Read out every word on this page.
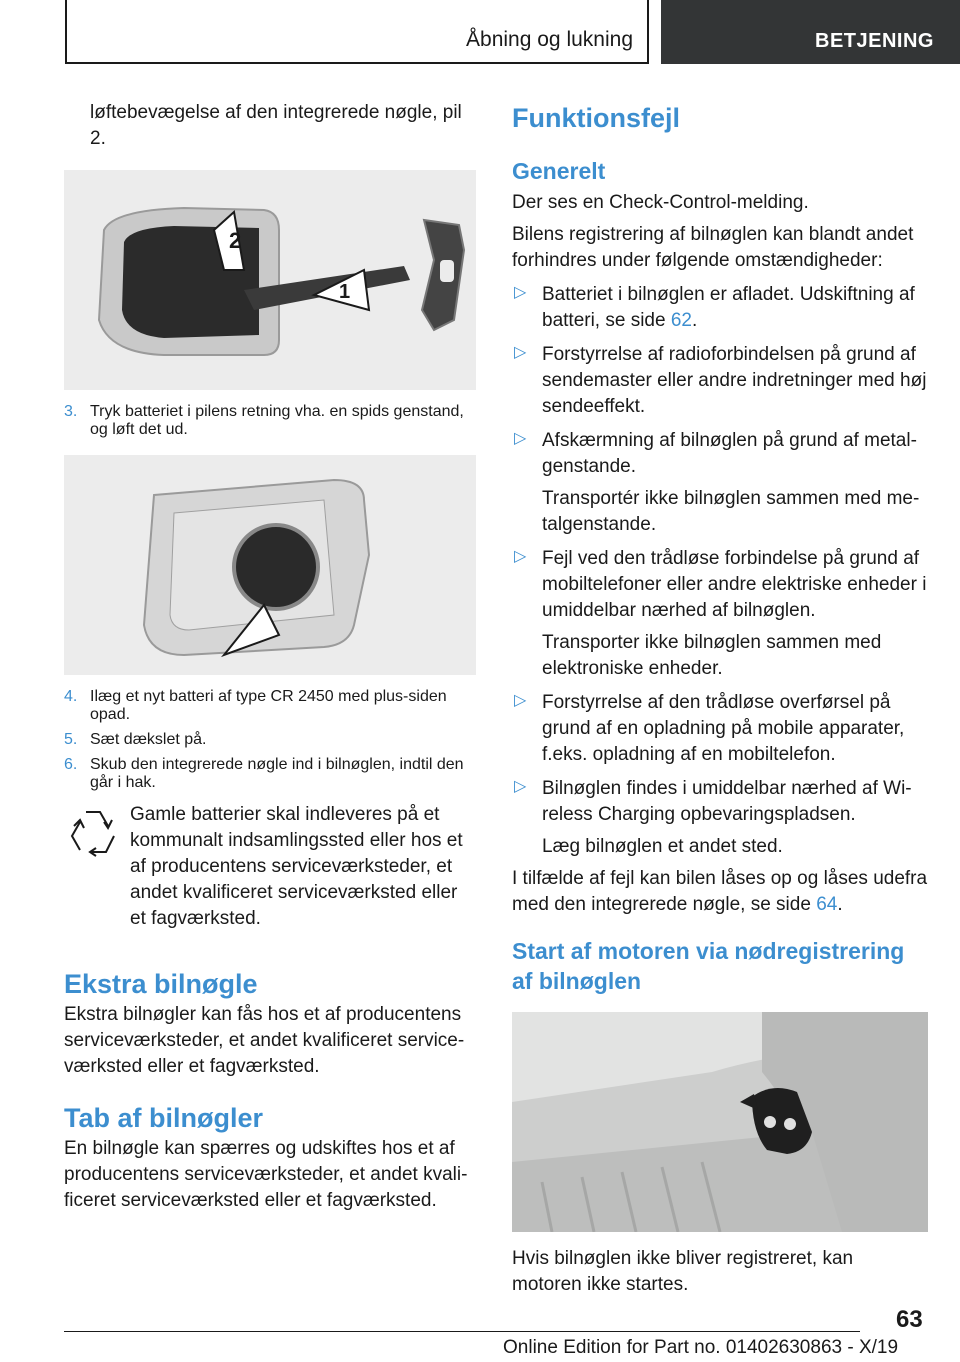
Åbning og lukning	BETJENING

løftebevægelse af den integrerede nøgle, pil 2.

2
1
3. Tryk batteriet i pilens retning vha. en spids genstand, og løft det ud.
4. Ilæg et nyt batteri af type CR 2450 med plus-siden opad.
5. Sæt dækslet på.
6. Skub den integrerede nøgle ind i bilnøglen, indtil den går i hak.

Gamle batterier skal indleveres på et kommunalt indsamlingssted eller hos et af producentens serviceværksteder, et andet kvalificeret serviceværksted eller et fagværksted.

Ekstra bilnøgle

Ekstra bilnøgler kan fås hos et af producentens serviceværksteder, et andet kvalificeret serviceværksted eller et fagværksted.

Tab af bilnøgler

En bilnøgle kan spærres og udskiftes hos et af producentens serviceværksteder, et andet kvalificeret serviceværksted eller et fagværksted.

Funktionsfejl
Generelt

Der ses en Check-Control-melding.

Bilens registrering af bilnøglen kan blandt andet forhindres under følgende omstændigheder:

▷ Batteriet i bilnøglen er afladet. Udskiftning af batteri, se side 62.

▷ Forstyrrelse af radioforbindelsen på grund af sendemaster eller andre indretninger med høj sendeeffekt.

▷ Afskærmning af bilnøglen på grund af metalgenstande.

Transportér ikke bilnøglen sammen med metalgenstande.

▷ Fejl ved den trådløse forbindelse på grund af mobiltelefoner eller andre elektriske enheder i umiddelbar nærhed af bilnøglen.

Transporter ikke bilnøglen sammen med elektroniske enheder.

▷ Forstyrrelse af den trådløse overførsel på grund af en opladning på mobile apparater, f.eks. opladning af en mobiltelefon.

▷ Bilnøglen findes i umiddelbar nærhed af Wireless Charging opbevaringspladsen.

Læg bilnøglen et andet sted.

I tilfælde af fejl kan bilen låses op og låses udefra med den integrerede nøgle, se side 64.

Start af motoren via nødregistrering af bilnøglen

Hvis bilnøglen ikke bliver registreret, kan motoren ikke startes.

63
Online Edition for Part no. 01402630863 - X/19
